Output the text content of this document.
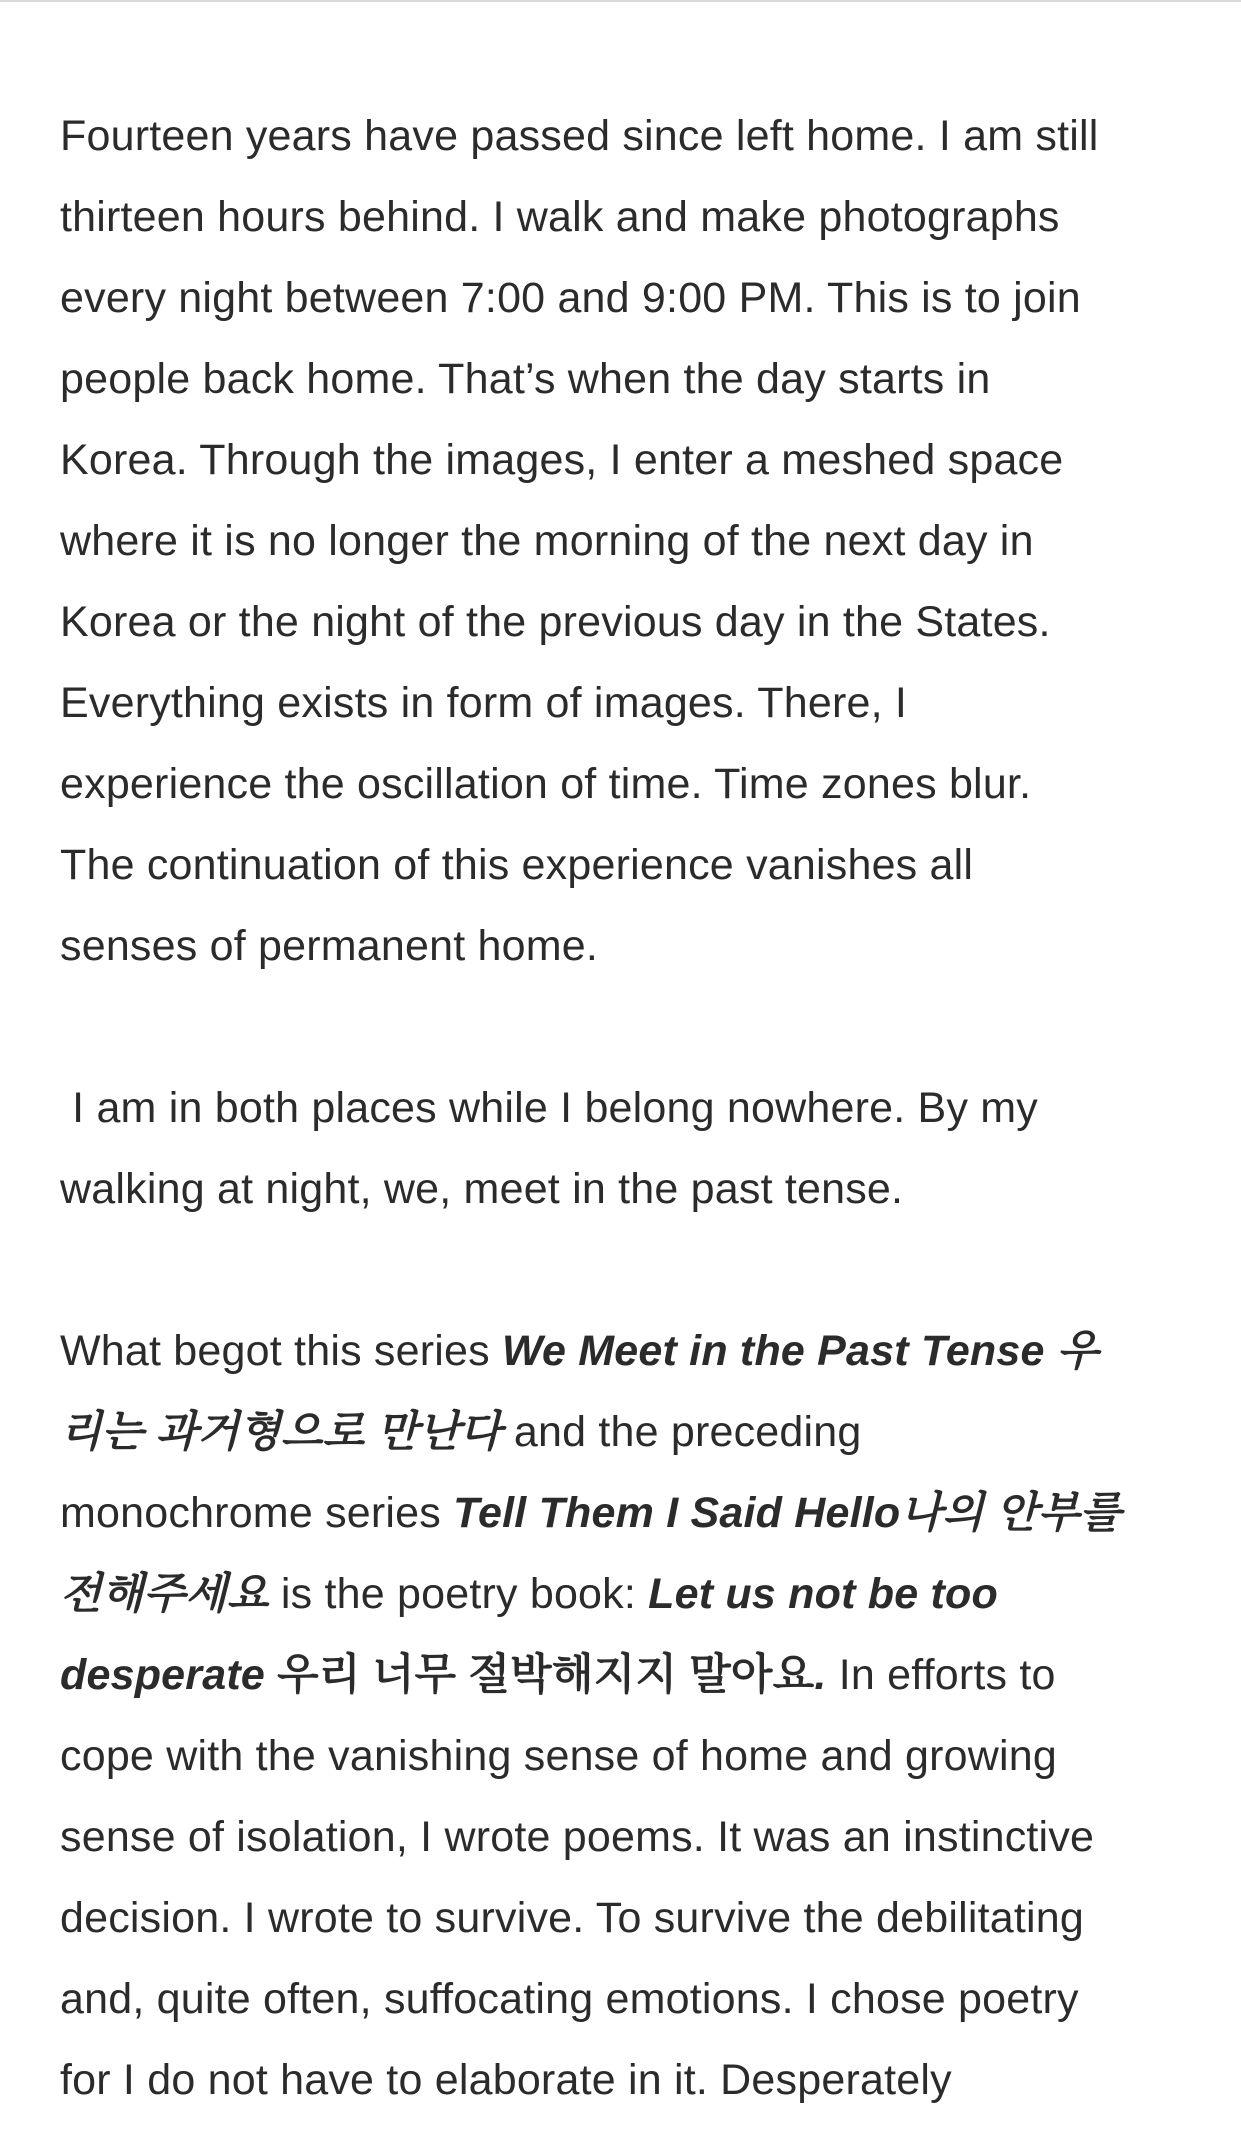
Fourteen years have passed since left home. I am still
thirteen hours behind. I walk and make photographs
every night between 7:00 and 9:00 PM. This is to join
people back home. That’s when the day starts in
Korea. Through the images, I enter a meshed space
where it is no longer the morning of the next day in
Korea or the night of the previous day in the States.
Everything exists in form of images. There, I
experience the oscillation of time. Time zones blur.
The continuation of this experience vanishes all
senses of permanent home.

I am in both places while I belong nowhere. By my
walking at night, we, meet in the past tense.

What begot this series We Meet in the Past Tense 우
리는 과거형으로 만난다 and the preceding
monochrome series Tell Them I Said Hello나의 안부를
전해주세요 is the poetry book: Let us not be too
desperate 우리 너무 절박해지지 말아요. In efforts to
cope with the vanishing sense of home and growing
sense of isolation, I wrote poems. It was an instinctive
decision. I wrote to survive. To survive the debilitating
and, quite often, suffocating emotions. I chose poetry
for I do not have to elaborate in it. Desperately
